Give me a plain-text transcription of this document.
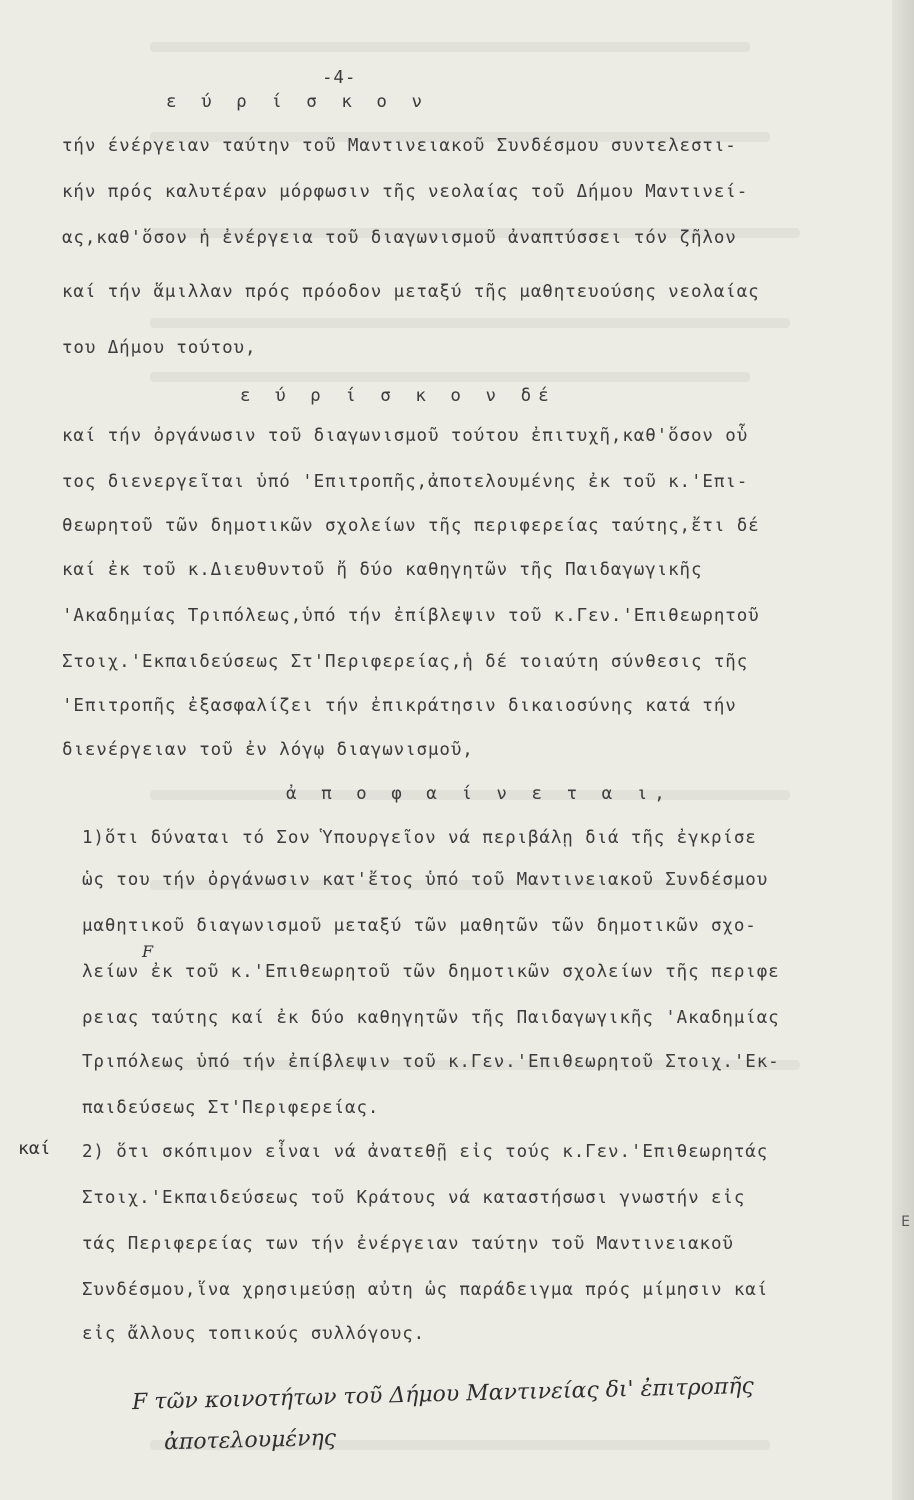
-4-

ε ύ ρ ί σ κ ο ν

τήν ένέργειαν ταύτην τοῦ Μαντινειακοῦ Συνδέσμου συντελεστι-

κήν πρός καλυτέραν μόρφωσιν τῆς νεολαίας τοῦ Δήμου Μαντινεί-

ας,καθ'ὅσον ἡ ἐνέργεια τοῦ διαγωνισμοῦ ἀναπτύσσει τόν ζῆλον

καί τήν ἅμιλλαν πρός πρόοδον μεταξύ τῆς μαθητευούσης νεολαίας

του Δήμου τούτου,

ε ύ ρ ί σ κ ο ν δέ

καί τήν ὀργάνωσιν τοῦ διαγωνισμοῦ τούτου ἐπιτυχῆ,καθ'ὅσον οὗ

τος διενεργεῖται ὑπό 'Επιτροπῆς,ἀποτελουμένης ἐκ τοῦ κ.'Επι-

θεωρητοῦ τῶν δημοτικῶν σχολείων τῆς περιφερείας ταύτης,ἔτι δέ

καί ἐκ τοῦ κ.Διευθυντοῦ ἤ δύο καθηγητῶν τῆς Παιδαγωγικῆς

'Ακαδημίας Τριπόλεως,ὑπό τήν ἐπίβλεψιν τοῦ κ.Γεν.'Επιθεωρητοῦ

Στοιχ.'Εκπαιδεύσεως Στ'Περιφερείας,ἡ δέ τοιαύτη σύνθεσις τῆς

'Επιτροπῆς ἐξασφαλίζει τήν ἐπικράτησιν δικαιοσύνης κατά τήν

διενέργειαν τοῦ ἐν λόγῳ διαγωνισμοῦ,

ἀ π ο φ α ί ν ε τ α ι,

1)ὅτι δύναται τό Σον Ὑπουργεῖον νά περιβάλῃ διά τῆς ἐγκρίσε

ὡς του τήν ὀργάνωσιν κατ'ἔτος ὑπό τοῦ Μαντινειακοῦ Συνδέσμου

μαθητικοῦ διαγωνισμοῦ μεταξύ τῶν μαθητῶν τῶν δημοτικῶν σχο-

F

λείων ἐκ τοῦ κ.'Επιθεωρητοῦ τῶν δημοτικῶν σχολείων τῆς περιφε

ρειας ταύτης καί ἐκ δύο καθηγητῶν τῆς Παιδαγωγικῆς 'Ακαδημίας

Τριπόλεως ὑπό τήν ἐπίβλεψιν τοῦ κ.Γεν.'Επιθεωρητοῦ Στοιχ.'Εκ-

παιδεύσεως Στ'Περιφερείας.

καί 2) ὅτι σκόπιμον εἶναι νά ἀνατεθῇ εἰς τούς κ.Γεν.'Επιθεωρητάς

Στοιχ.'Εκπαιδεύσεως τοῦ Κράτους νά καταστήσωσι γνωστήν εἰς

τάς Περιφερείας των τήν ἐνέργειαν ταύτην τοῦ Μαντινειακοῦ

Συνδέσμου,ἵνα χρησιμεύσῃ αὐτη ὡς παράδειγμα πρός μίμησιν καί

εἰς ἄλλους τοπικούς συλλόγους.

F τῶν κοινοτήτων τοῦ Δήμου Μαντινείας δι' ἐπιτροπῆς

ἀποτελουμένης

E
